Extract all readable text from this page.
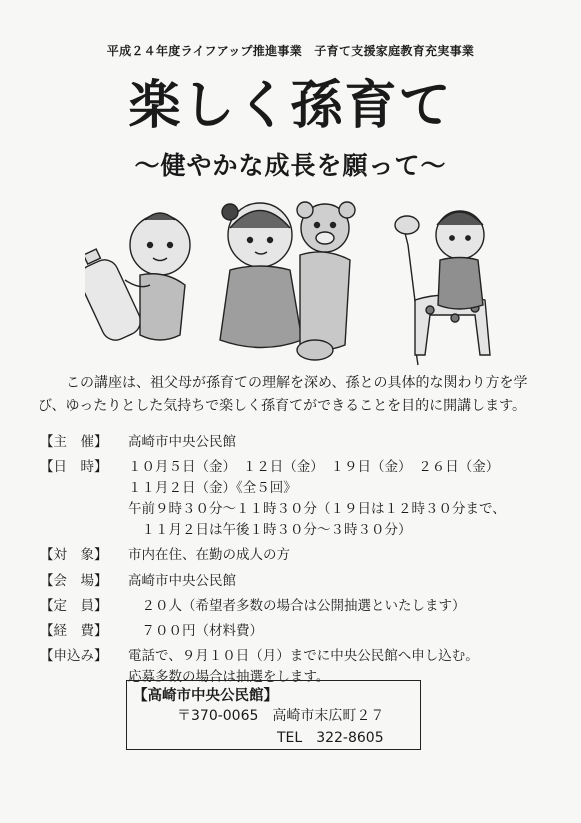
平成２４年度ライフアップ推進事業　子育て支援家庭教育充実事業
楽しく孫育て
～健やかな成長を願って～

この講座は、祖父母が孫育ての理解を深め、孫との具体的な関わり方を学

び、ゆったりとした気持ちで楽しく孫育てができることを目的に開講します。

【主　催】	高崎市中央公民館
【日　時】	１０月５日（金）　１２日（金）　１９日（金）　２６日（金）
１１月２日（金）《全５回》
午前９時３０分～１１時３０分（１９日は１２時３０分まで、
　１１月２日は午後１時３０分～３時３０分）
【対　象】	市内在住、在勤の成人の方
【会　場】	高崎市中央公民館
【定　員】	　２０人（希望者多数の場合は公開抽選といたします）
【経　費】	　７００円（材料費）
【申込み】	電話で、９月１０日（月）までに中央公民館へ申し込む。
応募多数の場合は抽選をします。
【高崎市中央公民館】
〒370-0065　高崎市末広町２７
TEL　322-8605
